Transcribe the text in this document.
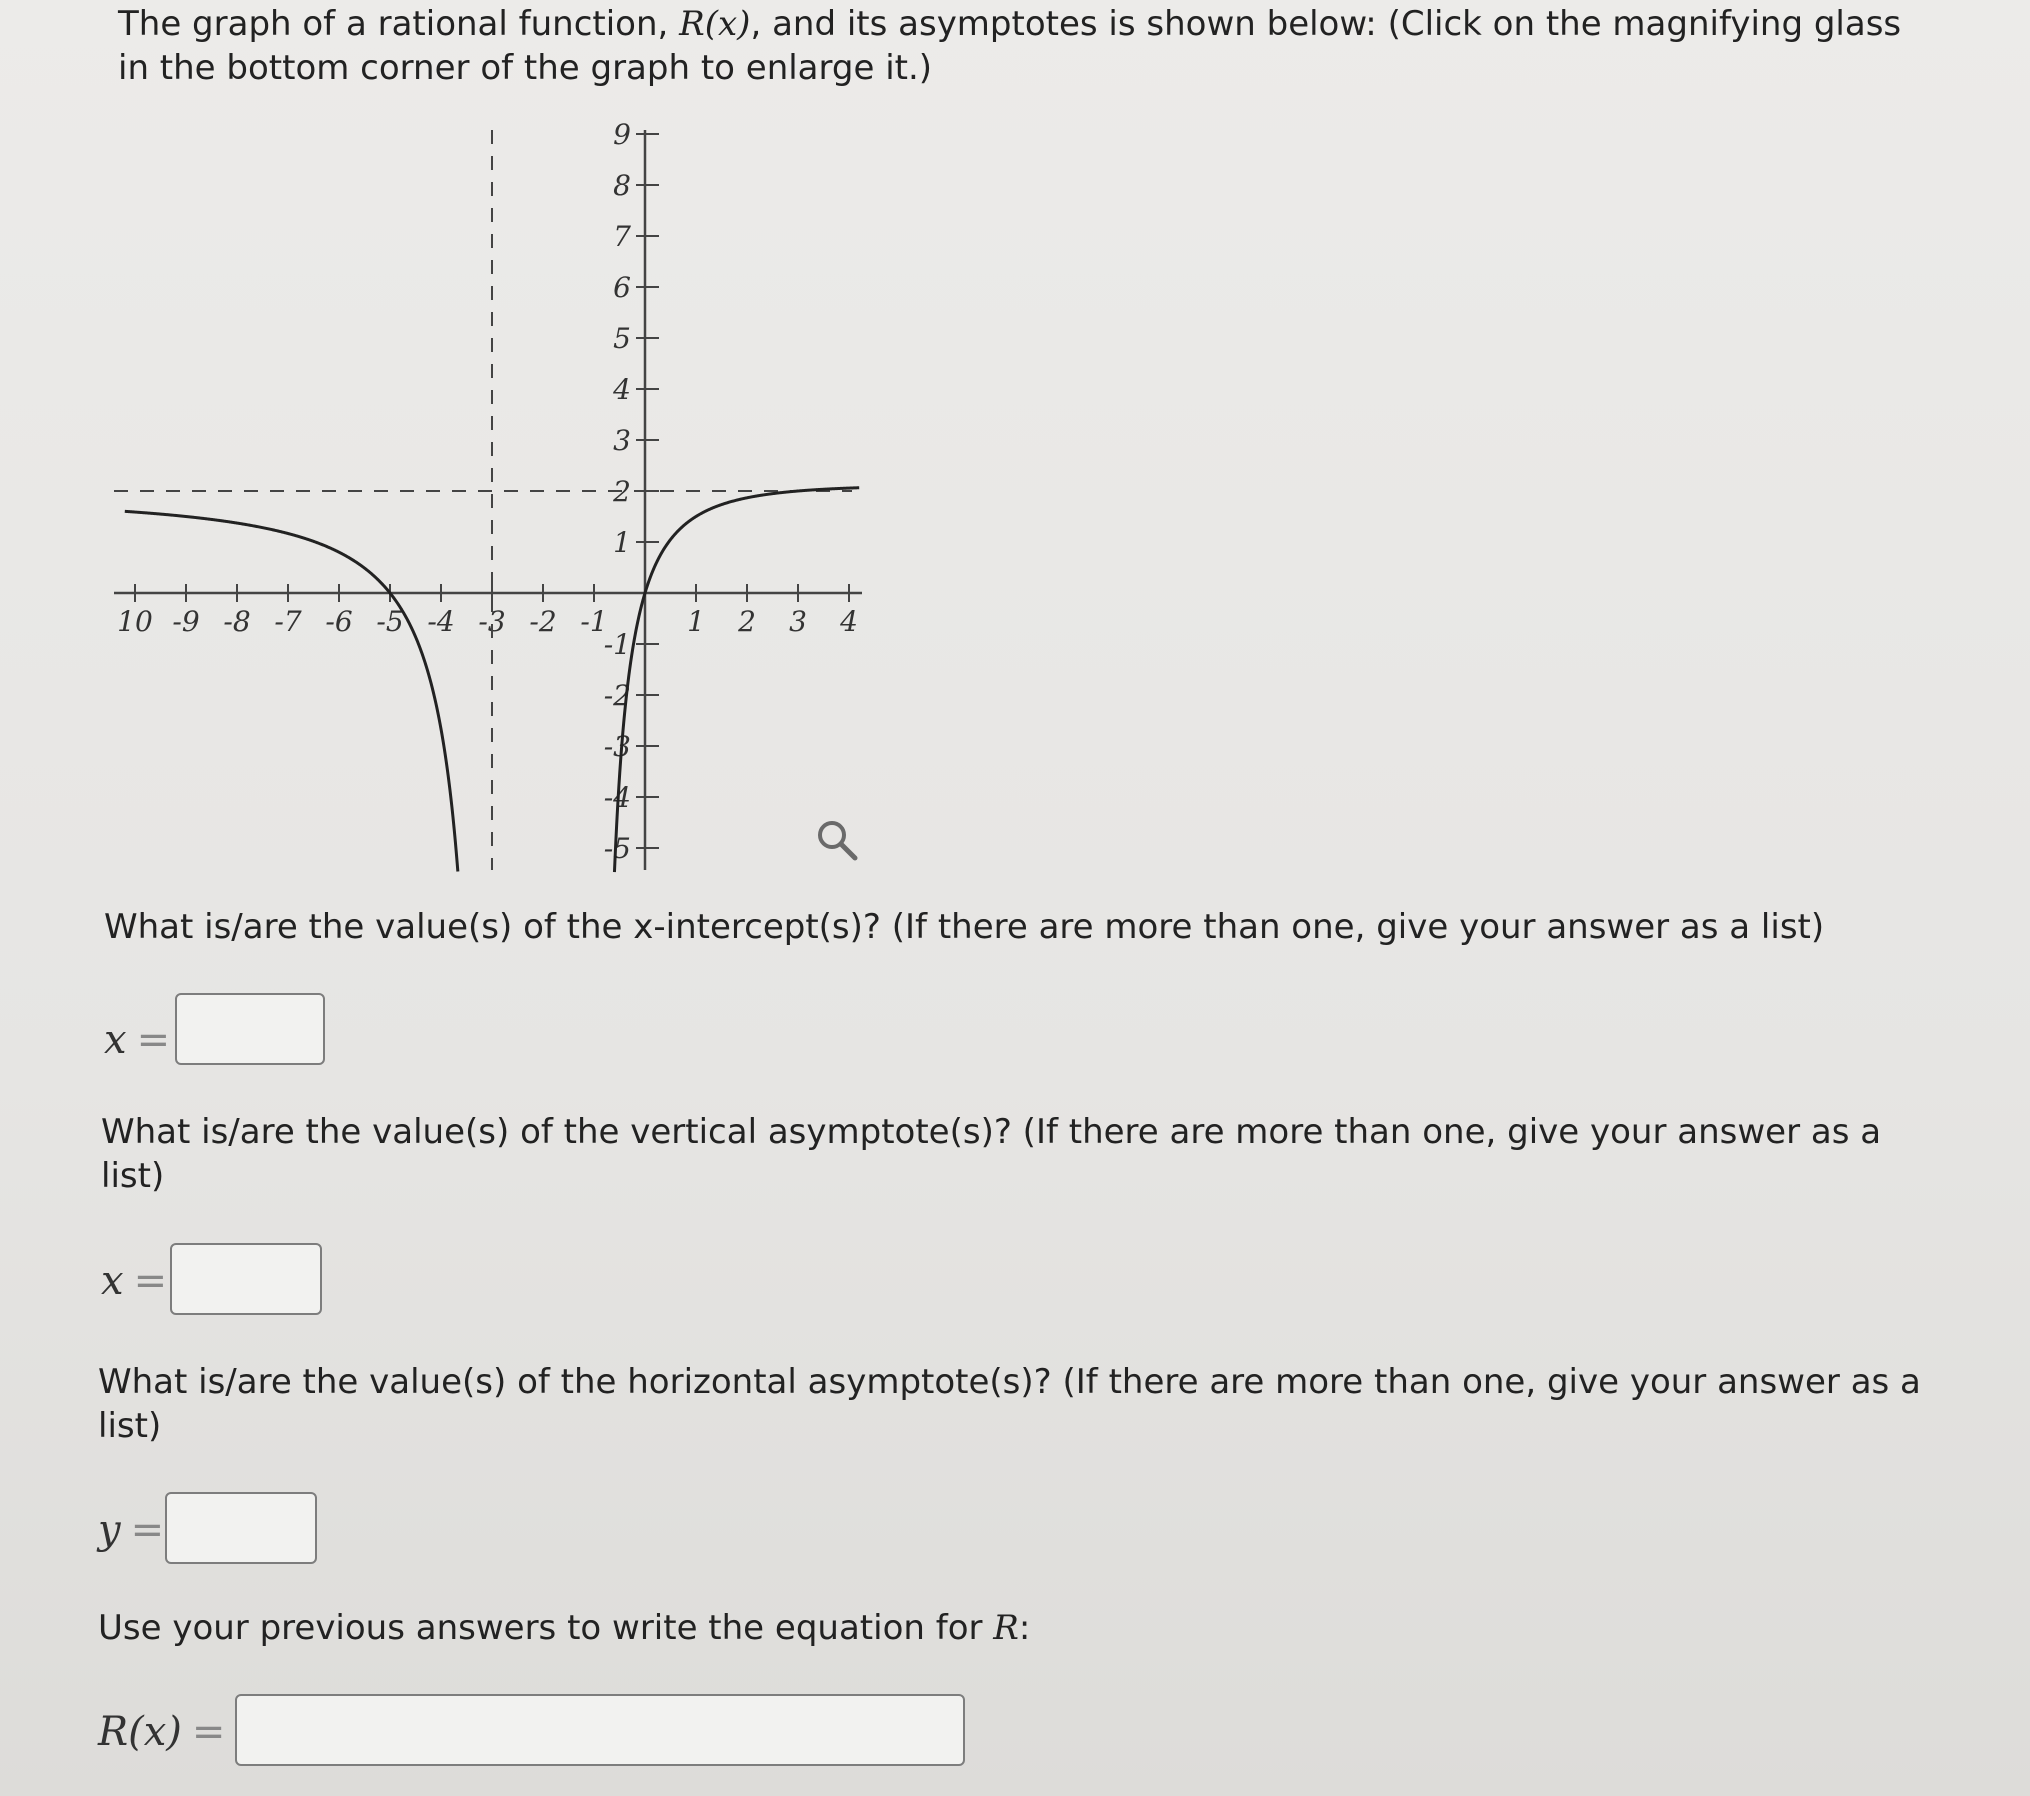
The graph of a rational function, R(x), and its asymptotes is shown below: (Click on the magnifying glass
in the bottom corner of the graph to enlarge it.)
10 -9 -8 -7 -6 -5 -4 -3 -2 -1	1 2 3 4
1
2
3
4
5
6
7
8
9
-1
-2
-3
-4
-5
What is/are the value(s) of the x-intercept(s)? (If there are more than one, give your answer as a list)
x =
What is/are the value(s) of the vertical asymptote(s)? (If there are more than one, give your answer as a
list)
x =
What is/are the value(s) of the horizontal asymptote(s)? (If there are more than one, give your answer as a
list)
y =
Use your previous answers to write the equation for R:
R(x) =
